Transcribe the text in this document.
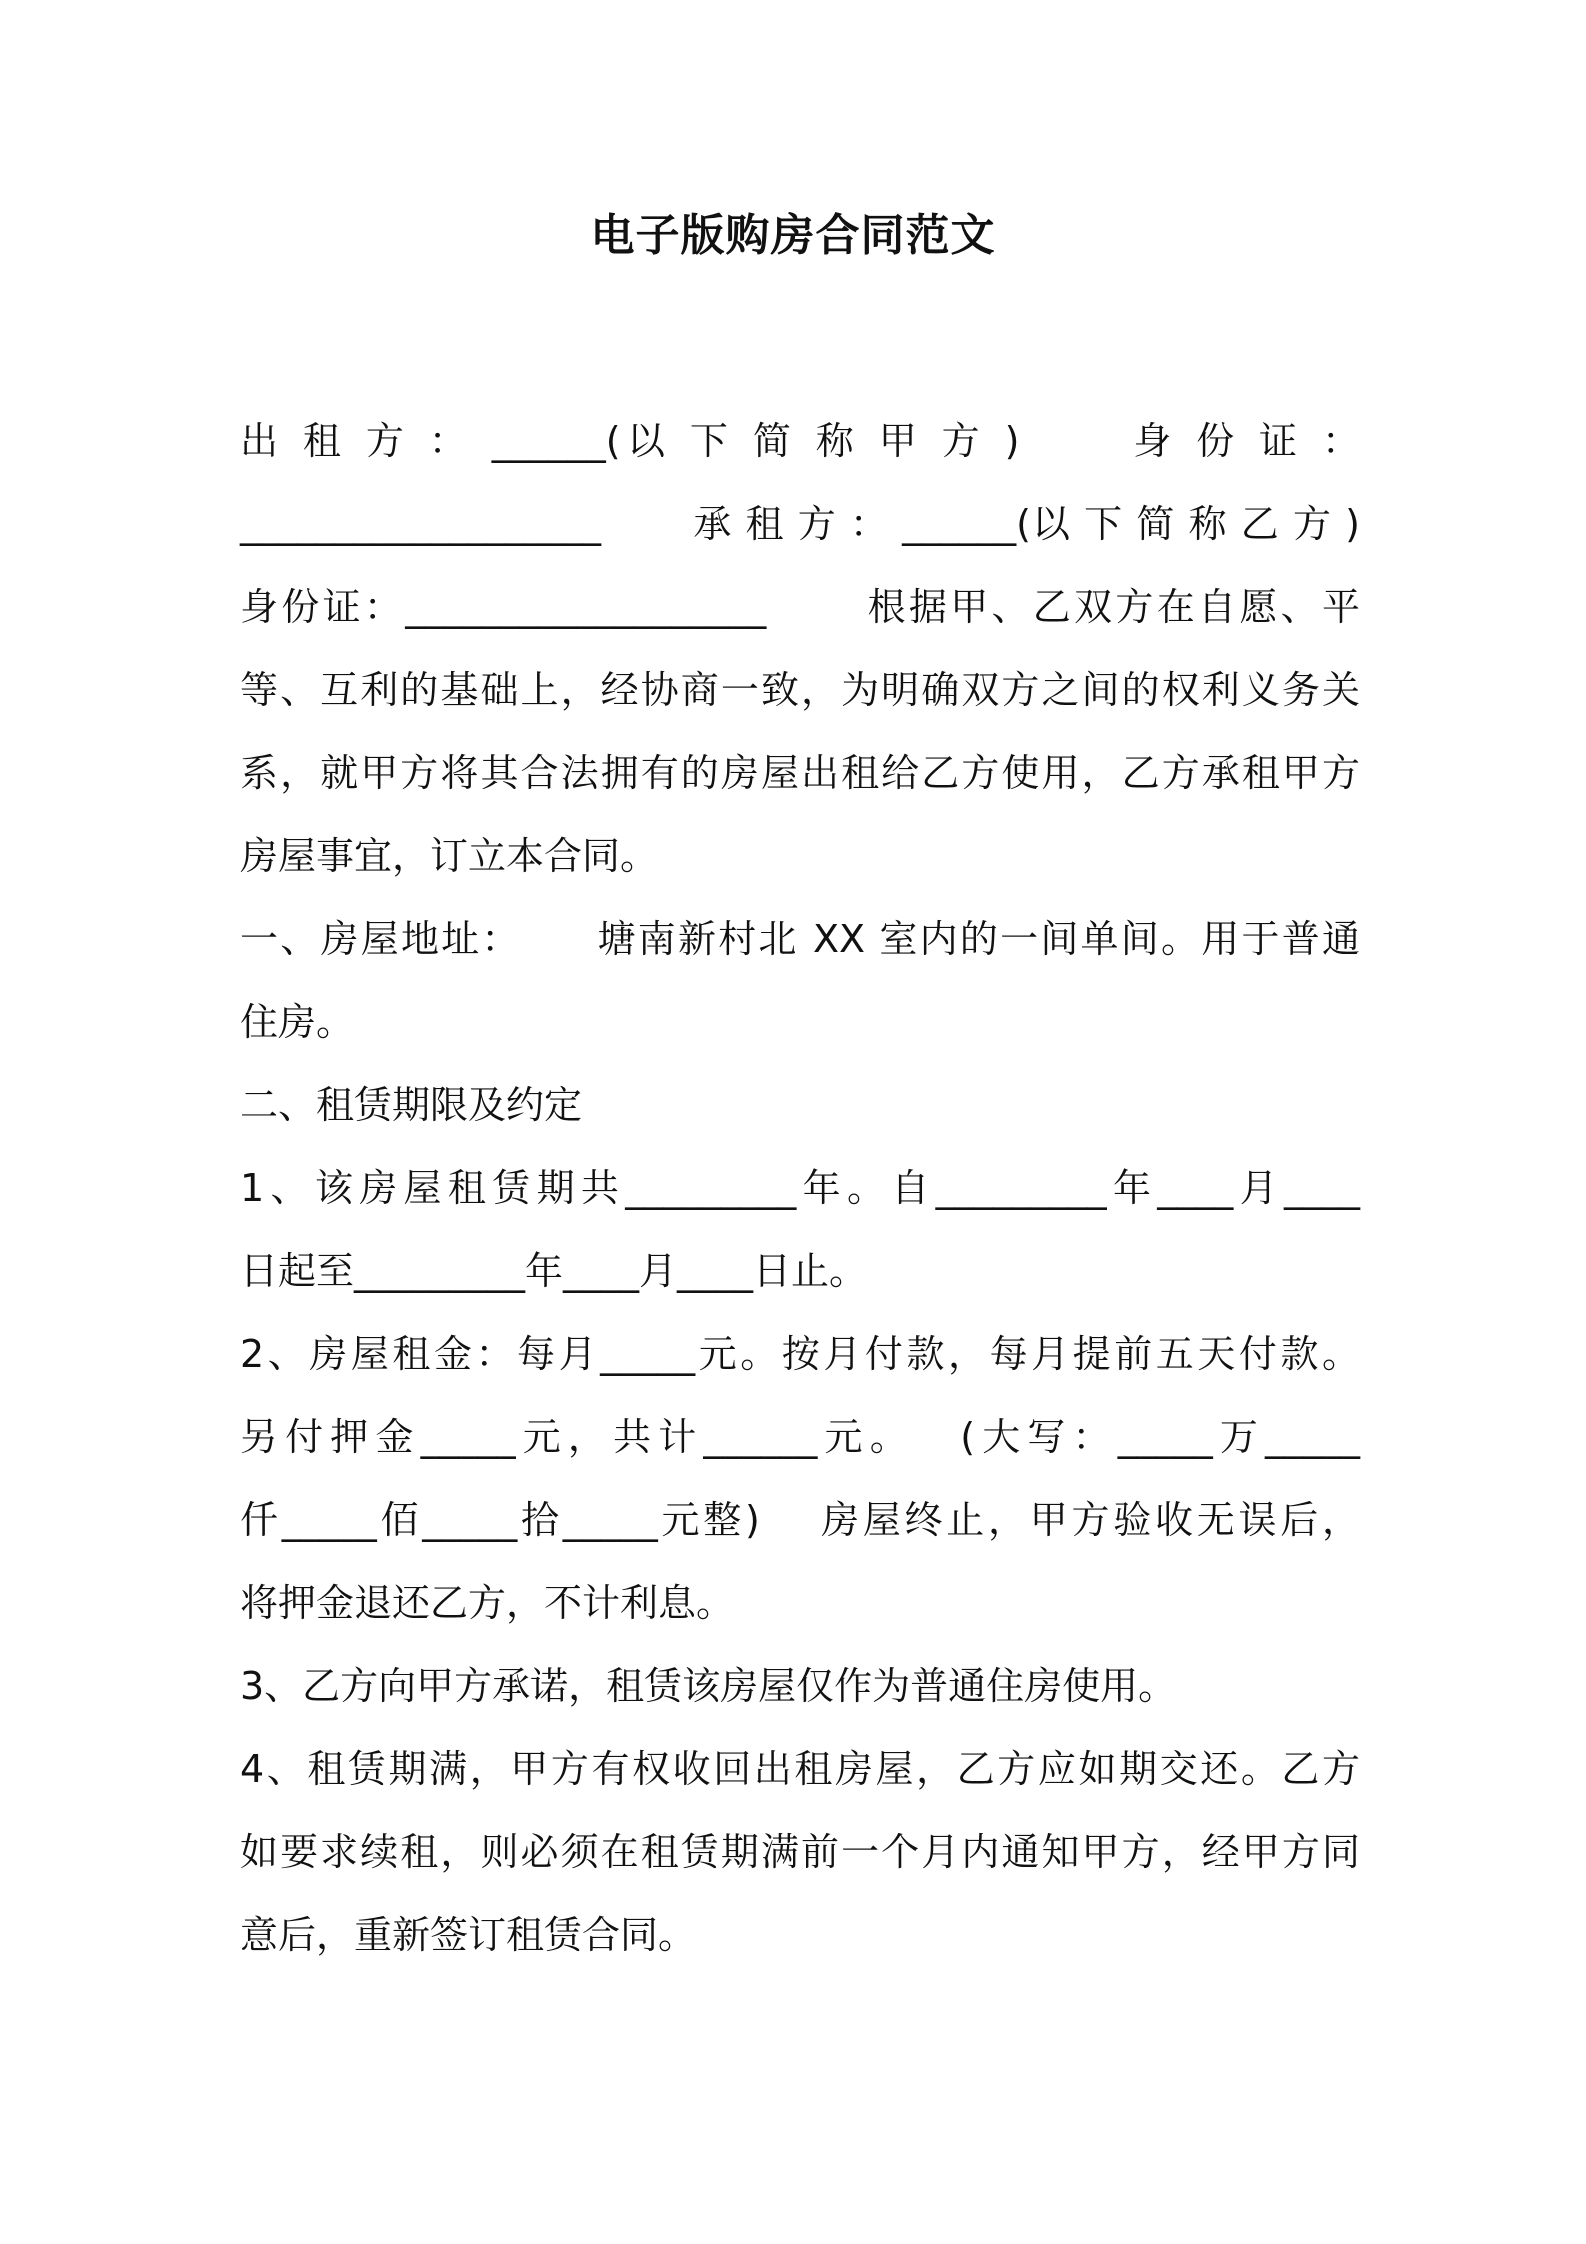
电子版购房合同范文
出 租 方 ： ______(以 下 简 称 甲 方 )　　 身 份 证 ：
___________________　　 承 租 方 ： ______(以 下 简 称 乙 方 )
身份证：___________________　　 根据甲、乙双方在自愿、平
等、互利的基础上，经协商一致，为明确双方之间的权利义务关
系，就甲方将其合法拥有的房屋出租给乙方使用，乙方承租甲方
房屋事宜，订立本合同。
一、房屋地址：　　 塘南新村北 XX 室内的一间单间。用于普通
住房。
二、租赁期限及约定
1、该房屋租赁期共_________年。自_________年____月____
日起至_________年____月____日止。
2、房屋租金：每月_____元。按月付款，每月提前五天付款。
另付押金_____元，共计______元。　 (大写：_____万_____
仟_____佰_____拾_____元整)　 房屋终止，甲方验收无误后，
将押金退还乙方，不计利息。
3、乙方向甲方承诺，租赁该房屋仅作为普通住房使用。
4、租赁期满，甲方有权收回出租房屋，乙方应如期交还。乙方
如要求续租，则必须在租赁期满前一个月内通知甲方，经甲方同
意后，重新签订租赁合同。
